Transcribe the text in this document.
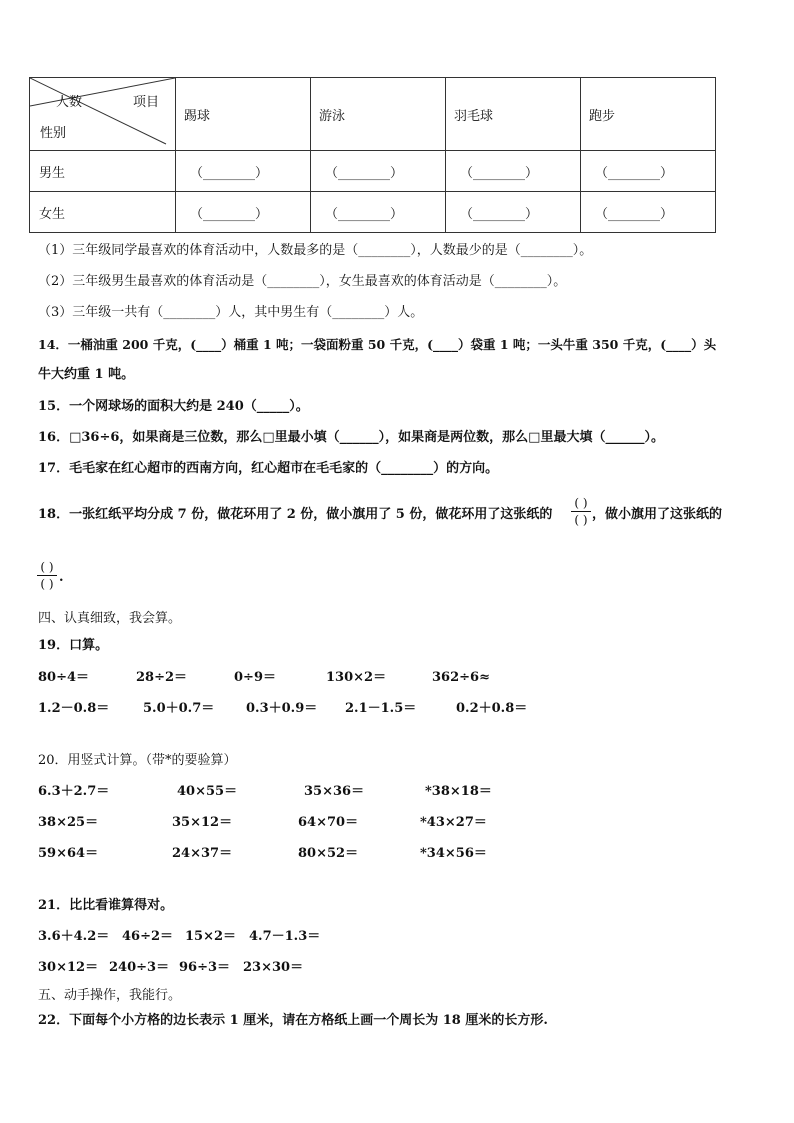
人数 项目
性别	踢球	游泳	羽毛球	跑步
男生	（________）	（________）	（________）	（________）
女生	（________）	（________）	（________）	（________）
（1）三年级同学最喜欢的体育活动中，人数最多的是（________），人数最少的是（________）。
（2）三年级男生最喜欢的体育活动是（________），女生最喜欢的体育活动是（________）。
（3）三年级一共有（________）人，其中男生有（________）人。
14．一桶油重 200 千克，(____）桶重 1 吨；一袋面粉重 50 千克，(____）袋重 1 吨；一头牛重 350 千克，(____）头
牛大约重 1 吨。
15．一个网球场的面积大约是 240（_____）。
16．□36÷6，如果商是三位数，那么□里最小填（______），如果商是两位数，那么□里最大填（______）。
17．毛毛家在红心超市的西南方向，红心超市在毛毛家的（________）的方向。
18．一张红纸平均分成 7 份，做花环用了 2 份，做小旗用了 5 份，做花环用了这张纸的
( )
( ) ，做小旗用了这张纸的
( )
( ) .
四、认真细致，我会算。
19．口算。
80÷4＝	28÷2＝	0÷9＝	130×2＝	362÷6≈
1.2－0.8＝	5.0＋0.7＝ 0.3＋0.9＝ 2.1－1.5＝	0.2＋0.8＝
20．用竖式计算。（带*的要验算）
6.3＋2.7＝	40×55＝	35×36＝	*38×18＝
38×25＝	35×12＝	64×70＝	*43×27＝
59×64＝	24×37＝	80×52＝	*34×56＝
21．比比看谁算得对。
3.6＋4.2＝ 46÷2＝ 15×2＝ 4.7－1.3＝
30×12＝ 240÷3＝ 96÷3＝ 23×30＝
五、动手操作，我能行。
22．下面每个小方格的边长表示 1 厘米，请在方格纸上画一个周长为 18 厘米的长方形.
